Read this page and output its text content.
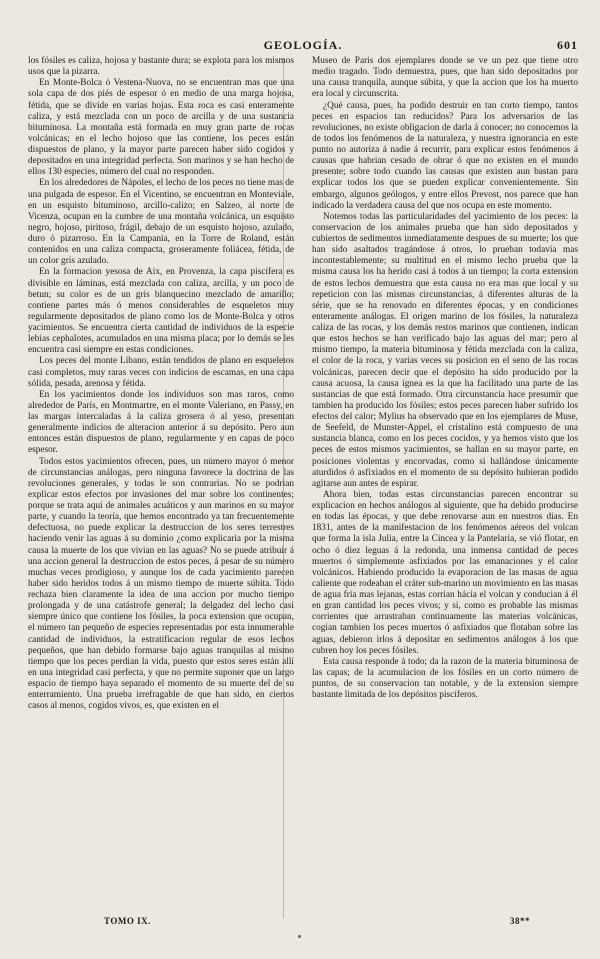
GEOLOGÍA.	601

los fósiles es caliza, hojosa y bastante dura; se explota para los mismos usos que la pizarra.

En Monte-Bolca ó Vestena-Nuova, no se encuentran mas que una sola capa de dos piés de espesor ó en medio de una marga hojosa, fétida, que se divide en varias hojas. Esta roca es casi enteramente caliza, y está mezclada con un poco de arcilla y de una sustancia bituminosa. La montaña está formada en muy gran parte de rocas volcánicas; en el lecho hojoso que las contiene, los peces están dispuestos de plano, y la mayor parte parecen haber sido cogidos y depositados en una integridad perfecta. Son marinos y se han hecho de ellos 130 especies, número del cual no responden.

En los alrededores de Nápoles, el lecho de los peces no tiene mas de una pulgada de espesor. En el Vicentino, se encuentran en Monteviale, en un esquisto bituminoso, arcillo-calizo; en Salzeo, al norte de Vicenza, ocupan en la cumbre de una montaña volcánica, un esquisto negro, hojoso, piritoso, frágil, debajo de un esquisto hojoso, azulado, duro ó pizarroso. En la Campania, en la Torre de Roland, están contenidos en una caliza compacta, groseramente foliácea, fétida, de un color gris azulado.

En la formacion yesosa de Aix, en Provenza, la capa piscífera es divisible en láminas, está mezclada con caliza, arcilla, y un poco de betun; su color es de un gris blanquecino mezclado de amarillo; contiene partes más ó menos considerables de esqueletos muy regularmente depositados de plano como los de Monte-Bolca y otros yacimientos. Se encuentra cierta cantidad de individuos de la especie lebias cephalotes, acumulados en una misma placa; por lo demás se les encuentra casi siempre en estas condiciones.

Los peces del monte Líbano, están tendidos de plano en esqueletos casi completos, muy raras veces con indicios de escamas, en una capa sólida, pesada, arenosa y fétida.

En los yacimientos donde los individuos son mas raros, como alrededor de París, en Montmartre, en el monte Valeriano, en Passy, en las margas intercaladas á la caliza grosera ó al yeso, presentan generalmente indicios de alteracion anterior á su depósito. Pero aun entonces están dispuestos de plano, regularmente y en capas de poco espesor.

Todos estos yacimientos ofrecen, pues, un número mayor ó menor de circunstancias análogas, pero ninguna favorece la doctrina de las revoluciones generales, y todas le son contrarias. No se podrian explicar estos efectos por invasiones del mar sobre los continentes; porque se trata aquí de animales acuáticos y aun marinos en su mayor parte, y cuando la teoría, que hemos encontrado ya tan frecuentemente defectuosa, no puede explicar la destruccion de los seres terrestres haciendo venir las aguas á su dominio ¿como explicaria por la misma causa la muerte de los que vivian en las aguas? No se puede atribuir á una accion general la destruccion de estos peces, á pesar de su número muchas veces prodigioso, y aunque los de cada yacimiento parecen haber sido heridos todos á un mismo tiempo de muerte súbita. Todo rechaza bien claramente la idea de una accion por mucho tiempo prolongada y de una catástrofe general; la delgadez del lecho casi siempre único que contiene los fósiles, la poca extension que ocupan, el número tan pequeño de especies representadas por esta innumerable cantidad de individuos, la estratificacion regular de esos lechos pequeños, que han debido formarse bajo aguas tranquilas al mismo tiempo que los peces perdian la vida, puesto que estos seres están allí en una integridad casi perfecta, y que no permite suponer que un largo espacio de tiempo haya separado el momento de su muerte del de su enterramiento. Una prueba irrefragable de que han sido, en ciertos casos al menos, cogidos vivos, es, que existen en el

Museo de Paris dos ejemplares donde se ve un pez que tiene otro medio tragado. Todo demuestra, pues, que han sido depositados por una causa tranquila, aunque súbita, y que la accion que los ha muerto era local y circunscrita.

¿Qué causa, pues, ha podido destruir en tan corto tiempo, tantos peces en espacios tan reducidos? Para los adversarios de las revoluciones, no existe obligacion de darla á conocer; no conocemos la de todos los fenómenos de la naturaleza, y nuestra ignorancia en este punto no autoriza á nadie á recurrir, para explicar estos fenómenos á causas que habrian cesado de obrar ó que no existen en el mundo presente; sobre todo cuando las causas que existen aun bastan para explicar todos los que se pueden explicar convenientemente. Sin embargo, algunos geólogos, y entre ellos Prevost, nos parece que han indicado la verdadera causa del que nos ocupa en este momento.

Notemos todas las particularidades del yacimiento de los peces: la conservacion de los animales prueba que han sido depositados y cubiertos de sedimentos inmediatamente despues de su muerte; los que han sido asaltados tragándose á otros, lo prueban todavía mas incontestablemente; su multitud en el mismo lecho prueba que la misma causa los ha herido casi á todos á un tiempo; la corta extension de estos lechos demuestra que esta causa no era mas que local y su repeticion con las mismas circunstancias, á diferentes alturas de la série, que se ha renovado en diferentes épocas, y en condiciones enteramente análogas. El origen marino de los fósiles, la naturaleza caliza de las rocas, y los demás restos marinos que contienen, indican que estos hechos se han verificado bajo las aguas del mar; pero al mismo tiempo, la materia bituminosa y fétida mezclada con la caliza, el color de la roca, y varias veces su posicion en el seno de las rocas volcánicas, parecen decir que el depósito ha sido producido por la causa acuosa, la causa ígnea es la que ha facilitado una parte de las sustancias de que está formado. Otra circunstancia hace presumir que tambien ha producido los fósiles; estos peces parecen haber sufrido los efectos del calor; Mylius ha observado que en los ejemplares de Muse, de Seefeld, de Munster-Appel, el cristalino está compuesto de una sustancia blanca, como en los peces cocidos, y ya hemos visto que los peces de estos mismos yacimientos, se hallan en su mayor parte, en posiciones violentas y encorvadas, como si hallándose únicamente aturdidos ó asfixiados en el momento de su depósito hubieran podido agitarse aun antes de espirar.

Ahora bien, todas estas circunstancias parecen encontrar su explicacion en hechos análogos al siguiente, que ha debido producirse en todas las épocas, y que debe renovarse aun en nuestros dias. En 1831, antes de la manifestacion de los fenómenos aéreos del volcan que forma la isla Julia, entre la Cincea y la Pantelaria, se vió flotar, en ocho ó diez leguas á la redonda, una inmensa cantidad de peces muertos ó simplemente asfixiados por las emanaciones y el calor volcánicos. Habiendo producido la evaporacion de las masas de agua caliente que rodeaban el cráter sub-marino un movimiento en las masas de agua fria mas lejanas, estas corrian hácia el volcan y conducian á él en gran cantidad los peces vivos; y si, como es probable las mismas corrientes que arrastraban continuamente las materias volcánicas, cogian tambien los peces muertos ó asfixiados que flotaban sobre las aguas, debieron irlos á depositar en sedimentos análogos á los que cubren hoy los peces fósiles.

Esta causa responde á todo; da la razon de la materia bituminosa de las capas; de la acumulacion de los fósiles en un corto número de puntos, de su conservacion tan notable, y de la extension siempre bastante limitada de los depósitos piscíferos.

TOMO IX.	38**
